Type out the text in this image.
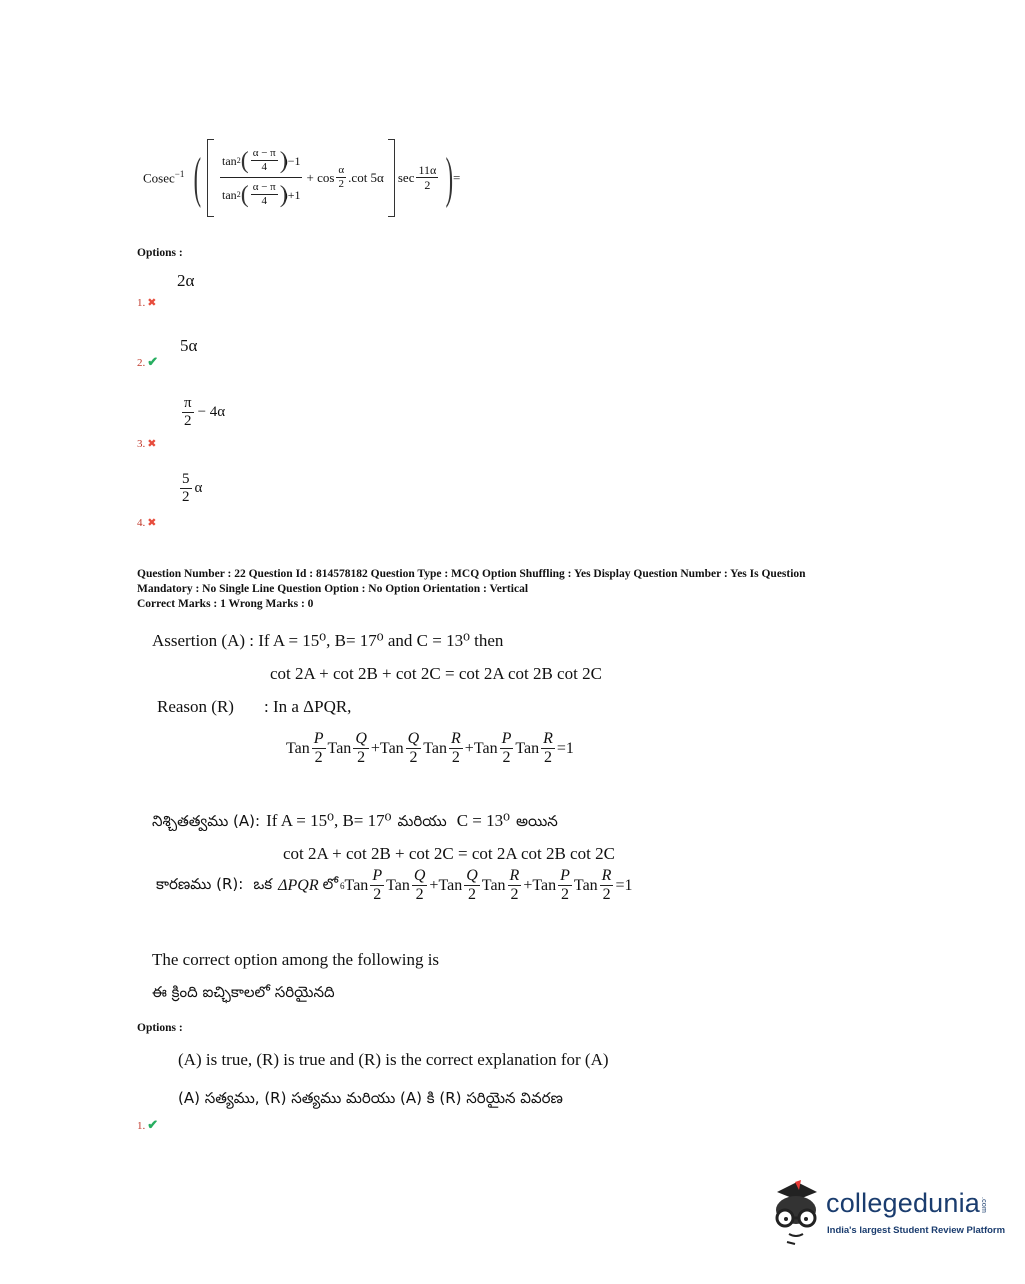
Cosec$^{-1}$ ( tan 2 ( $\frac{\alpha - \pi}{4}$ )
)−1
tan 2 ( $\frac{\alpha - \pi}{4}$ )
)$+1 + \cos \frac{\alpha}{2} .\cot$ 5α $\sec \frac{11\alpha}{2}$ ) =
Options :
2α
1. ✖
5α
2. ✔
$\frac{\pi}{2} - 4\alpha$
3. ✖
$\frac{5}{2}$ α
4. ✖
Question Number : 22 Question Id : 814578182 Question Type : MCQ Option Shuffling : Yes Display Question Number : Yes Is Question
Mandatory : No Single Line Question Option : No Option Orientation : Vertical
Correct Marks : 1 Wrong Marks : 0
Assertion (A) : If A = 15⁰, B= 17⁰ and C = 13⁰ then
cot 2A + cot 2B + cot 2C = cot 2A cot 2B cot 2C
Reason (R) : In a ΔPQR,
Tan $\frac{P}{2}$ Tan $\frac{Q}{2}$ + Tan $\frac{Q}{2}$ Tan $\frac{R}{2}$ + Tan $\frac{P}{2}$ Tan $\frac{R}{2} =1$
నిశ్చితత్వము (A): If A = 15⁰, B= 17⁰ మరియు C = 13⁰ అయిన
cot 2A + cot 2B + cot 2C = cot 2A cot 2B cot 2C
కారణము (R): ఒక ΔPQR లో 6 Tan $\frac{P}{2}$ Tan $\frac{Q}{2}$ + Tan $\frac{Q}{2}$ Tan $\frac{R}{2}$ + Tan $\frac{P}{2}$ Tan $\frac{R}{2} =1$
The correct option among the following is
ఈ క్రింది ఐచ్ఛికాలలో సరియైనది
Options :
(A) is true, (R) is true and (R) is the correct explanation for (A)
(A) సత్యము, (R) సత్యము మరియు (A) కి (R) సరియైన వివరణ
1. ✔
collegedunia.com
India's largest Student Review Platform
